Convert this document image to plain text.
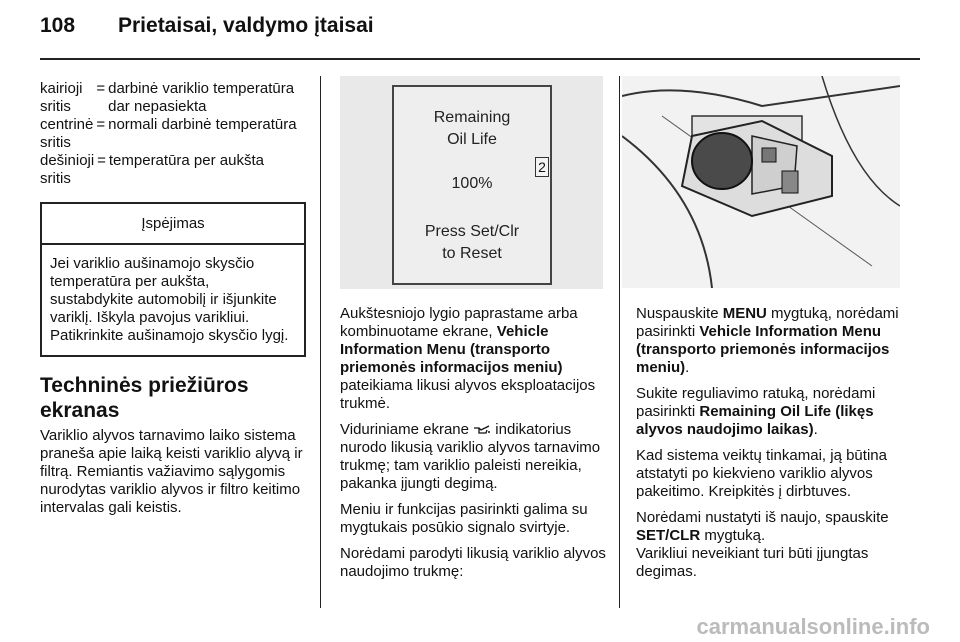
108 Prietaisai, valdymo įtaisai
kairioji
sritis
= darbinė variklio temperatūra dar nepasiekta
centrinė
sritis
= normali darbinė temperatūra
dešinioji
sritis
= temperatūra per aukšta
Įspėjimas
Jei variklio aušinamojo skysčio temperatūra per aukšta, sustabdykite automobilį ir išjunkite variklį. Iškyla pavojus varikliui. Patikrinkite aušinamojo skysčio lygį.
Techninės priežiūros ekranas
Variklio alyvos tarnavimo laiko sistema praneša apie laiką keisti variklio alyvą ir filtrą. Remiantis važiavimo sąlygomis nurodytas variklio alyvos ir filtro keitimo intervalas gali keistis.
Remaining
Oil Life
100%
Press Set/Clr
to Reset
2

Aukštesniojo lygio paprastame arba kombinuotame ekrane, Vehicle Information Menu (transporto priemonės informacijos meniu) pateikiama likusi alyvos eksploatacijos trukmė.

Viduriniame ekrane  indikatorius nurodo likusią variklio alyvos tarnavimo trukmę; tam variklio paleisti nereikia, pakanka įjungti degimą.

Meniu ir funkcijas pasirinkti galima su mygtukais posūkio signalo svirtyje.

Norėdami parodyti likusią variklio alyvos naudojimo trukmę:

Nuspauskite MENU mygtuką, norėdami pasirinkti Vehicle Information Menu (transporto priemonės informacijos meniu).

Sukite reguliavimo ratuką, norėdami pasirinkti Remaining Oil Life (likęs alyvos naudojimo laikas).

Kad sistema veiktų tinkamai, ją būtina atstatyti po kiekvieno variklio alyvos pakeitimo. Kreipkitės į dirbtuves.

Norėdami nustatyti iš naujo, spauskite SET/CLR mygtuką.

Varikliui neveikiant turi būti įjungtas degimas.

carmanualsonline.info
